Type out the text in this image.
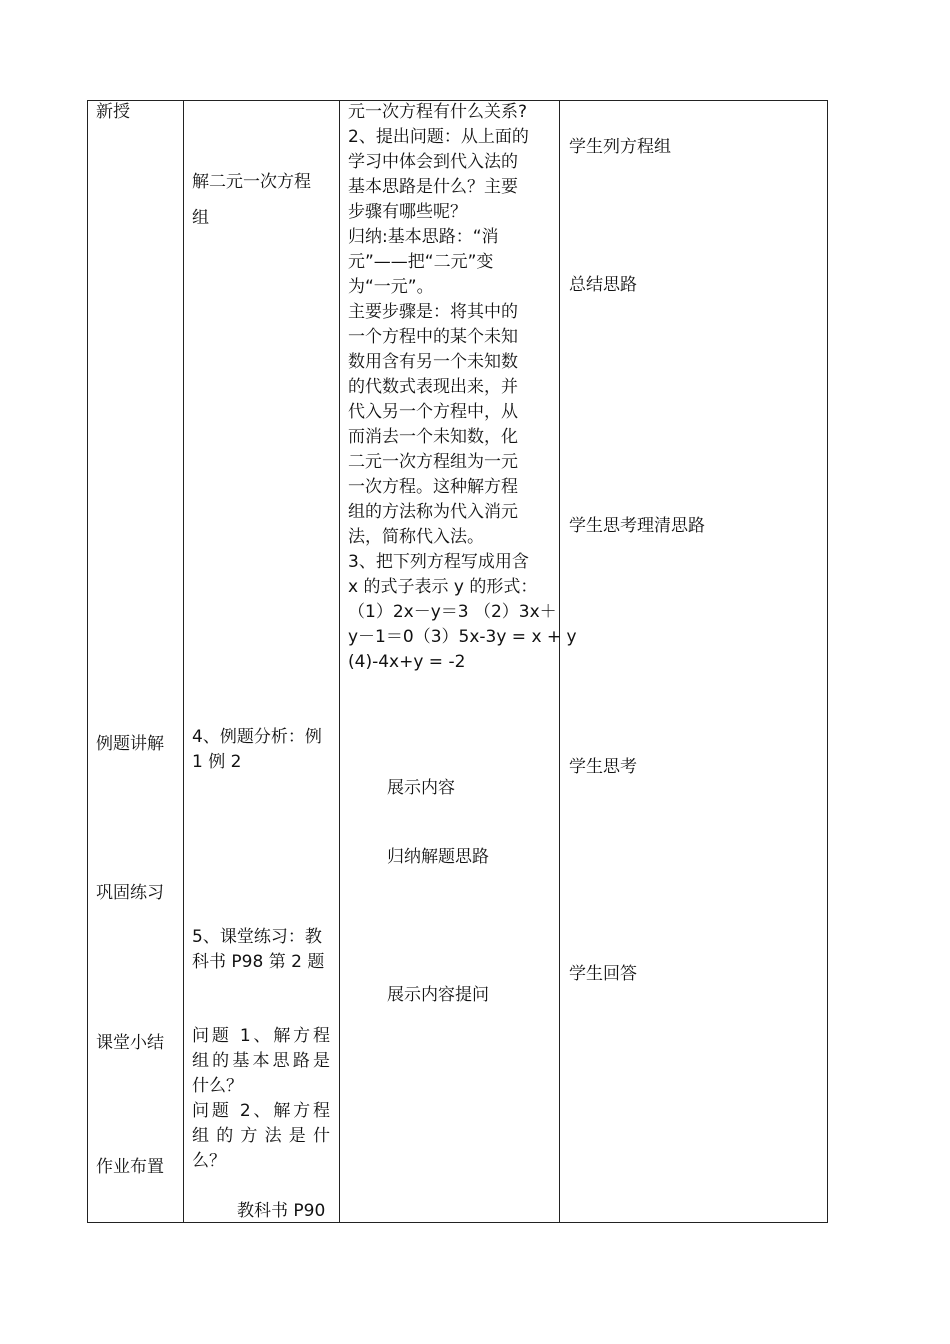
新授
例题讲解
巩固练习
课堂小结
作业布置
解二元一次方程
组
4、例题分析：例
1 例 2
5、课堂练习：教
科书 P98 第 2 题
问题 1、解方程
组的基本思路是
什么？
问题 2、解方程
组 的 方 法 是 什
么？
教科书 P90
元一次方程有什么关系?
2、提出问题：从上面的
学习中体会到代入法的
基本思路是什么？主要
步骤有哪些呢？
归纳:基本思路：“消
元”——把“二元”变
为“一元”。
主要步骤是：将其中的
一个方程中的某个未知
数用含有另一个未知数
的代数式表现出来，并
代入另一个方程中，从
而消去一个未知数，化
二元一次方程组为一元
一次方程。这种解方程
组的方法称为代入消元
法，简称代入法。
3、把下列方程写成用含
x 的式子表示 y 的形式：
（1）2x－y＝3 （2）3x＋
y－1＝0（3）5x-3y = x + y
(4)-4x+y = -2
展示内容
归纳解题思路
展示内容提问
学生列方程组
总结思路
学生思考理清思路
学生思考
学生回答
